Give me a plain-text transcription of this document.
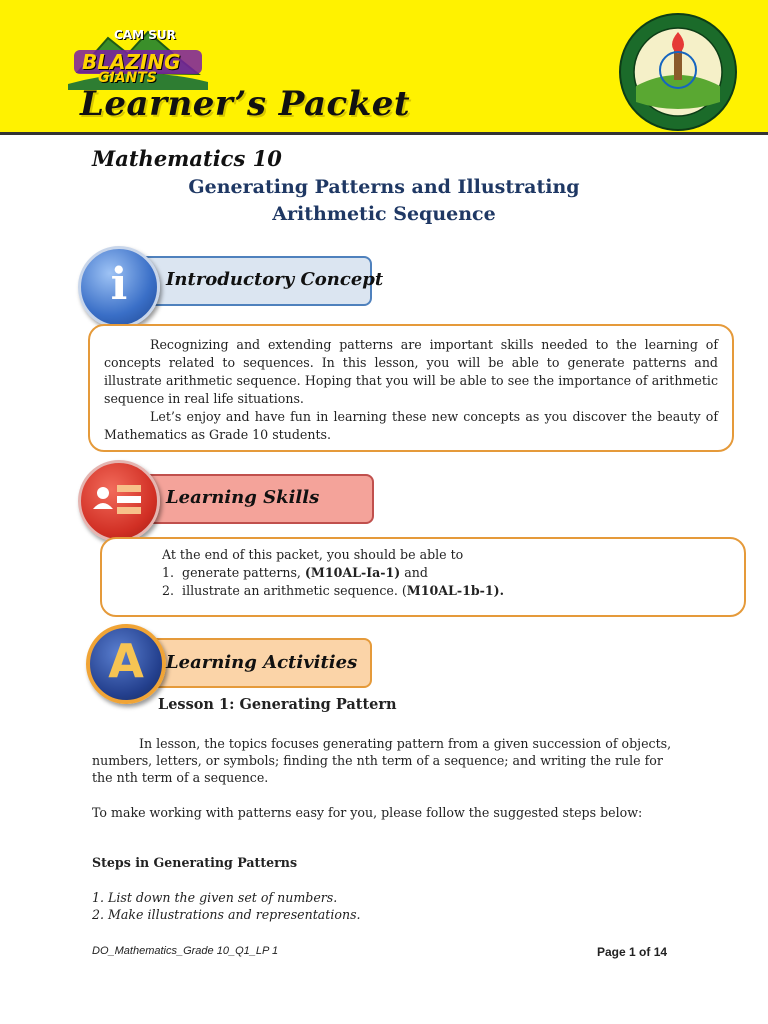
CAM SUR
BLAZING
GIANTS
Learner’s Packet
Mathematics 10
Generating Patterns and Illustrating
Arithmetic Sequence
i	Introductory Concept
Recognizing and extending patterns are important skills needed to the learning of concepts related to sequences. In this lesson, you will be able to generate patterns and illustrate arithmetic sequence. Hoping that you will be able to see the importance of arithmetic sequence in real life situations.
Let’s enjoy and have fun in learning these new concepts as you discover the beauty of Mathematics as Grade 10 students.
Learning Skills
At the end of this packet, you should be able to
1. generate patterns, (M10AL-Ia-1) and
2. illustrate an arithmetic sequence. (M10AL-1b-1).
A	Learning Activities
Lesson 1: Generating Pattern
In lesson, the topics focuses generating pattern from a given succession of objects, numbers, letters, or symbols; finding the nth term of a sequence; and writing the rule for the nth term of a sequence.
To make working with patterns easy for you, please follow the suggested steps below:
Steps in Generating Patterns
1. List down the given set of numbers.
2. Make illustrations and representations.
DO_Mathematics_Grade 10_Q1_LP 1	Page 1 of 14
